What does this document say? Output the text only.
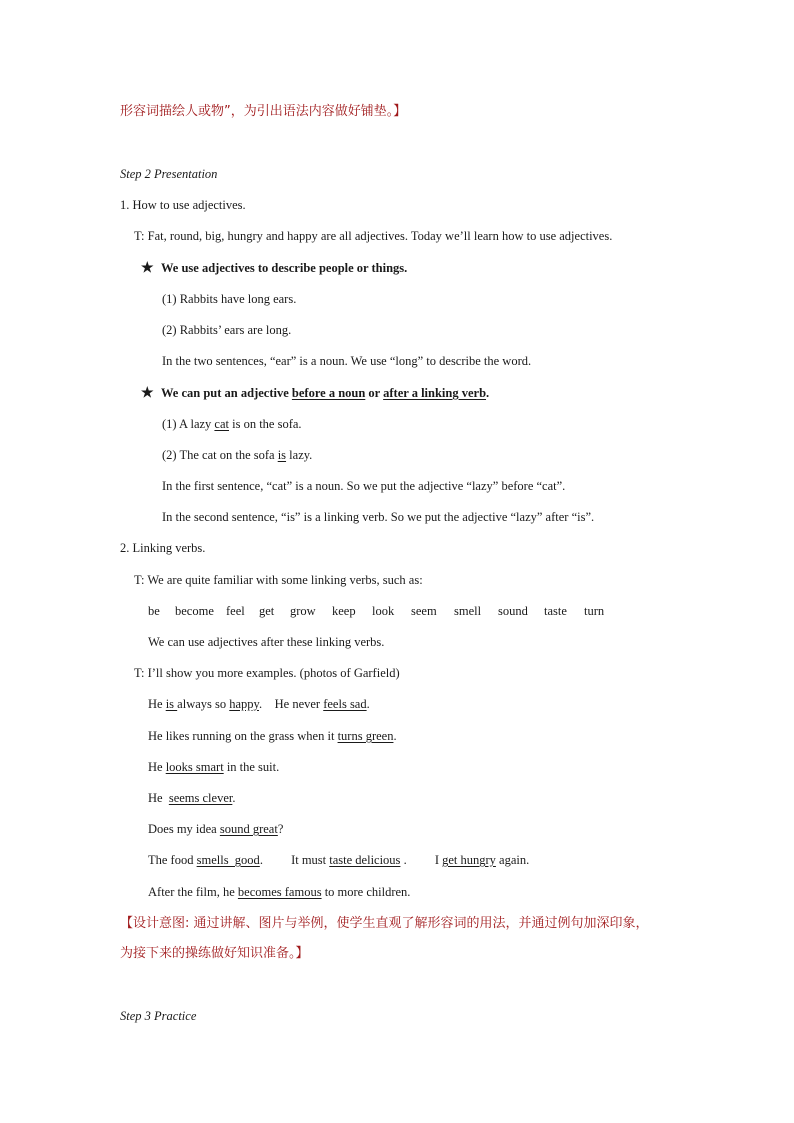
形容词描绘人或物”，为引出语法内容做好铺垫。】
Step 2 Presentation
1. How to use adjectives.
T: Fat, round, big, hungry and happy are all adjectives. Today we’ll learn how to use adjectives.
★ We use adjectives to describe people or things.
(1) Rabbits have long ears.
(2) Rabbits’ ears are long.
In the two sentences, “ear” is a noun. We use “long” to describe the word.
★ We can put an adjective before a noun or after a linking verb.
(1) A lazy cat is on the sofa.
(2) The cat on the sofa is lazy.
In the first sentence, “cat” is a noun. So we put the adjective “lazy” before “cat”.
In the second sentence, “is” is a linking verb. So we put the adjective “lazy” after “is”.
2. Linking verbs.
T: We are quite familiar with some linking verbs, such as:
be become feel get grow keep look seem smell sound taste turn
We can use adjectives after these linking verbs.
T: I’ll show you more examples. (photos of Garfield)
He is always so happy.    He never feels sad.
He likes running on the grass when it turns green.
He looks smart in the suit.
He  seems clever.
Does my idea sound great?
The food smells  good.         It must taste delicious .         I get hungry again.
After the film, he becomes famous to more children.
【设计意图: 通过讲解、图片与举例，使学生直观了解形容词的用法，并通过例句加深印象，
为接下来的操练做好知识准备。】
Step 3 Practice
